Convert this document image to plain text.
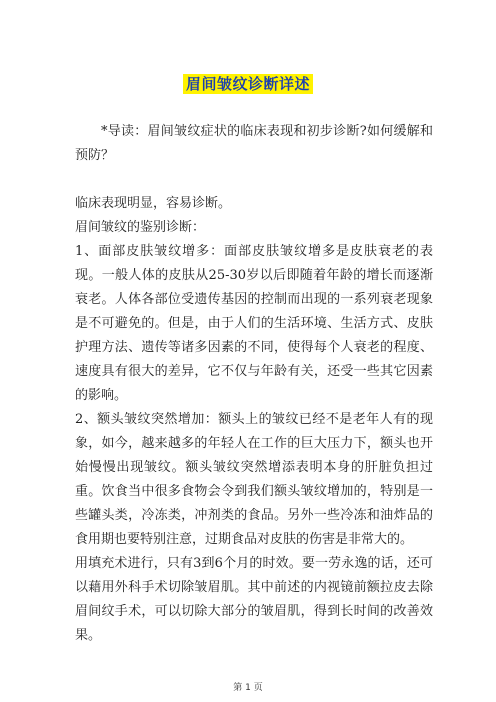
眉间皱纹诊断详述

*导读：眉间皱纹症状的临床表现和初步诊断?如何缓解和预防？

临床表现明显，容易诊断。

眉间皱纹的鉴别诊断：

1、面部皮肤皱纹增多：面部皮肤皱纹增多是皮肤衰老的表现。一般人体的皮肤从25-30岁以后即随着年龄的增长而逐渐衰老。人体各部位受遗传基因的控制而出现的一系列衰老现象是不可避免的。但是，由于人们的生活环境、生活方式、皮肤护理方法、遗传等诸多因素的不同，使得每个人衰老的程度、速度具有很大的差异，它不仅与年龄有关，还受一些其它因素的影响。

2、额头皱纹突然增加：额头上的皱纹已经不是老年人有的现象，如今，越来越多的年轻人在工作的巨大压力下，额头也开始慢慢出现皱纹。额头皱纹突然增添表明本身的肝脏负担过重。饮食当中很多食物会令到我们额头皱纹增加的，特别是一些罐头类，冷冻类，冲剂类的食品。另外一些冷冻和油炸品的食用期也要特别注意，过期食品对皮肤的伤害是非常大的。

用填充术进行，只有3到6个月的时效。要一劳永逸的话，还可以藉用外科手术切除皱眉肌。其中前述的内视镜前额拉皮去除眉间纹手术，可以切除大部分的皱眉肌，得到长时间的改善效果。

第 1 页
